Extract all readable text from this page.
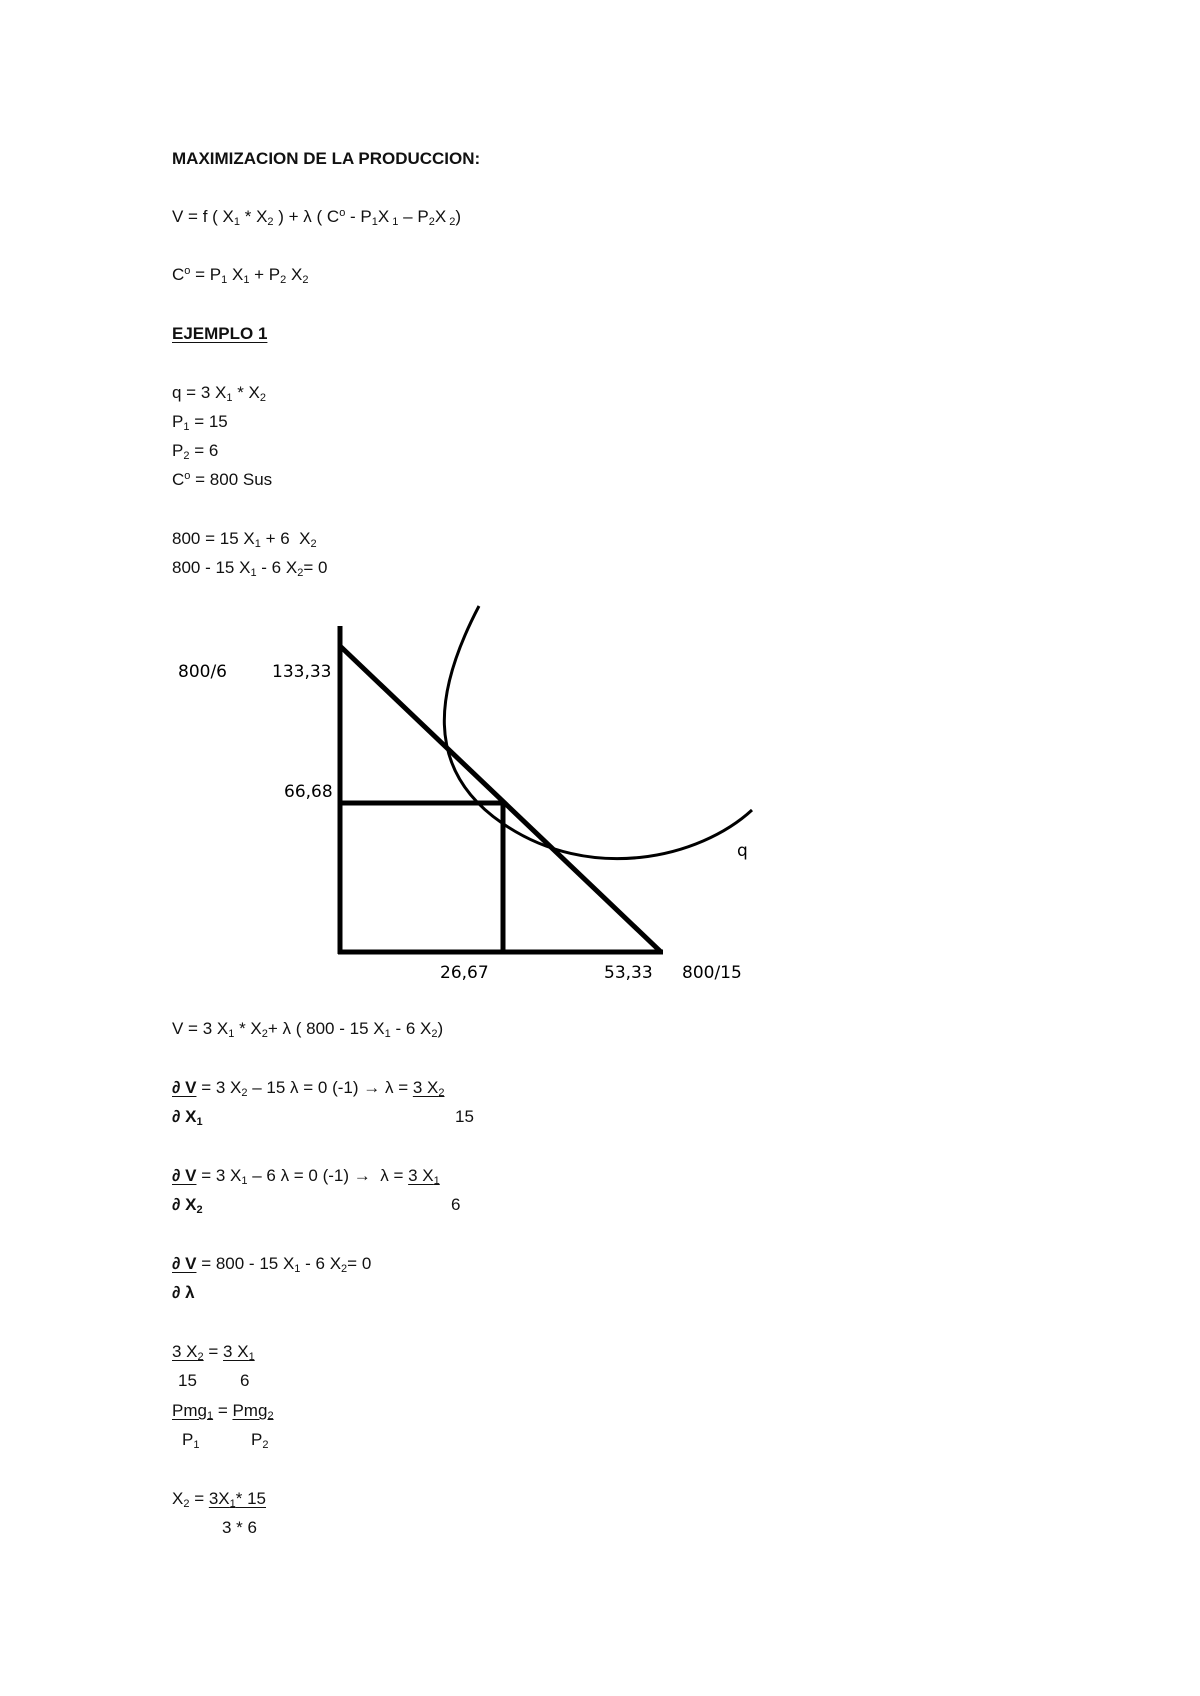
MAXIMIZACION DE LA PRODUCCION:
V = f ( $X_1 * X_2$ ) + λ ( $C^o - P_1X$ $_1 - P_2X$ $_2$)
$C^o = P_1$ $X_1 + P_2$ $X_2$
EJEMPLO 1
q = 3 $X_1 * X_2$
$P_1 = 15$
$P_2 = 6$
$C^o = 800$ Sus
800 = 15 $X_1 + 6$  $X_2$
800 - 15 $X_1 - 6$ $X_2= 0$
800/6	133,33
66,68
26,67	53,33 800/15
q
V = 3 $X_1 * X_2+ \lambda$ ( 800 - 15 $X_1 - 6$ $X_2$)
∂ V = 3 $X_2 - 15$ λ = 0 (-1) → λ = 3 $X_2$
∂ $X_1$	15
∂ V = 3 $X_1 - 6$ λ = 0 (-1) →  λ = 3 $X_1$
∂ $X_2$	6
∂ V = 800 - 15 $X_1 - 6$ $X_2= 0$
∂ λ
3 $X_2 = 3$ $X_1$
15	6
Pmg$_1$ = Pmg$_2$
$P_1$	$P_2$
$X_2 = 3X_1*$ 15
3 * 6
